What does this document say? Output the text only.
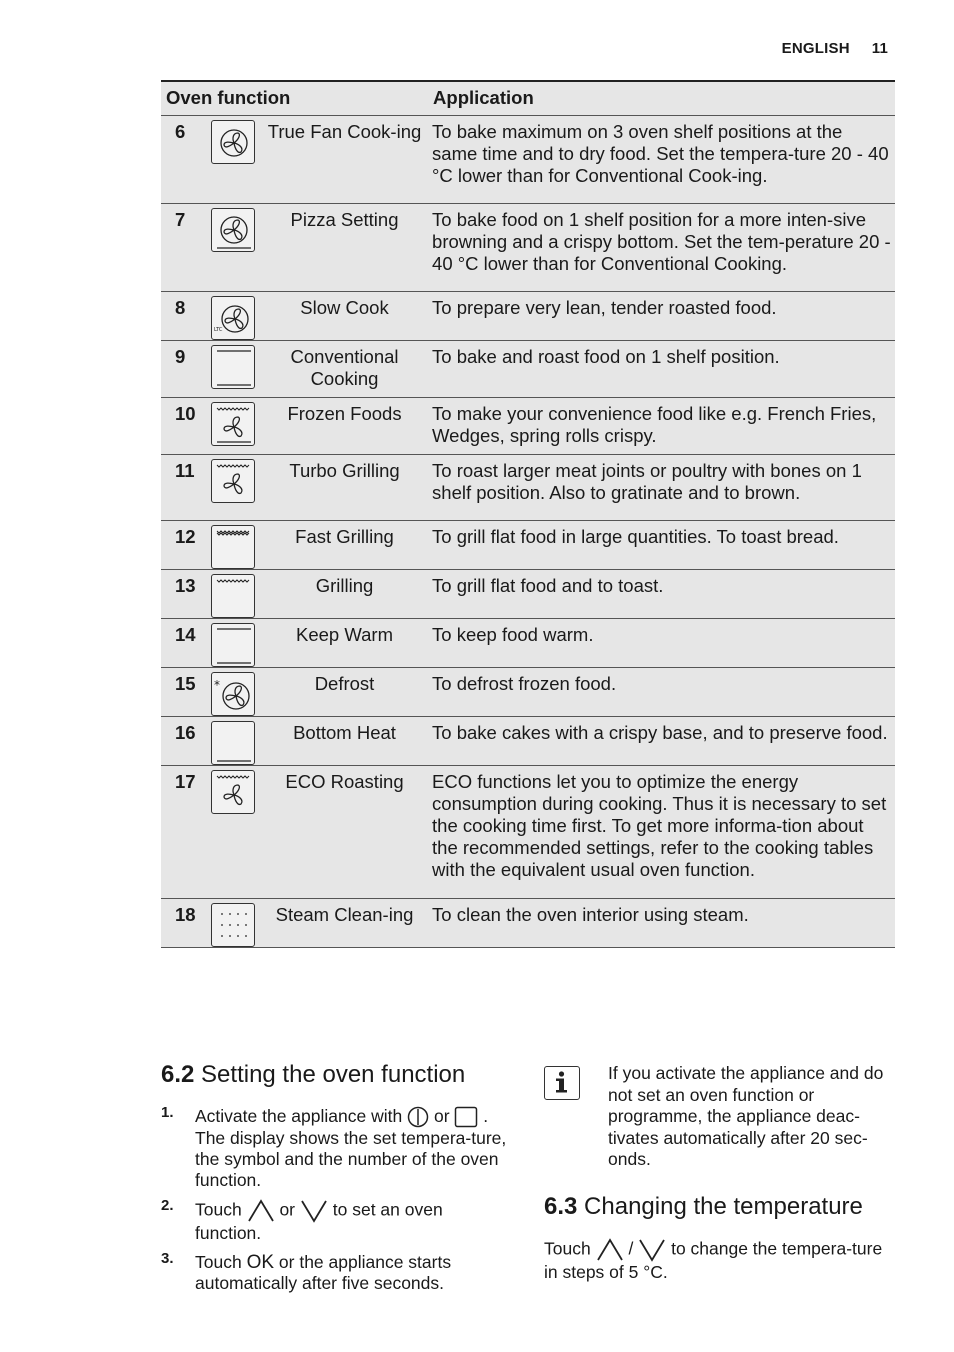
ENGLISH 11
Oven function			Application
6		True Fan Cook-ing	To bake maximum on 3 oven shelf positions at the same time and to dry food. Set the tempera-ture 20 - 40 °C lower than for Conventional Cook-ing.
7		Pizza Setting	To bake food on 1 shelf position for a more inten-sive browning and a crispy bottom. Set the tem-perature 20 - 40 °C lower than for Conventional Cooking.
8	LTC	Slow Cook	To prepare very lean, tender roasted food.
9		Conventional Cooking	To bake and roast food on 1 shelf position.
10		Frozen Foods	To make your convenience food like e.g. French Fries, Wedges, spring rolls crispy.
11		Turbo Grilling	To roast larger meat joints or poultry with bones on 1 shelf position. Also to gratinate and to brown.
12		Fast Grilling	To grill flat food in large quantities. To toast bread.
13		Grilling	To grill flat food and to toast.
14		Keep Warm	To keep food warm.
15	*	Defrost	To defrost frozen food.
16		Bottom Heat	To bake cakes with a crispy base, and to preserve food.
17		ECO Roasting	ECO functions let you to optimize the energy consumption during cooking. Thus it is necessary to set the cooking time first. To get more informa-tion about the recommended settings, refer to the cooking tables with the equivalent usual oven function.
18		Steam Clean-ing	To clean the oven interior using steam.
6.2 Setting the oven function
1. Activate the appliance with or . The display shows the set tempera-ture, the symbol and the number of the oven function.
2. Touch or to set an oven function.
3. Touch OK or the appliance starts automatically after five seconds.
If you activate the appliance and do not set an oven function or programme, the appliance deac-tivates automatically after 20 sec-onds.
6.3 Changing the temperature
Touch / to change the tempera-ture in steps of 5 °C.
